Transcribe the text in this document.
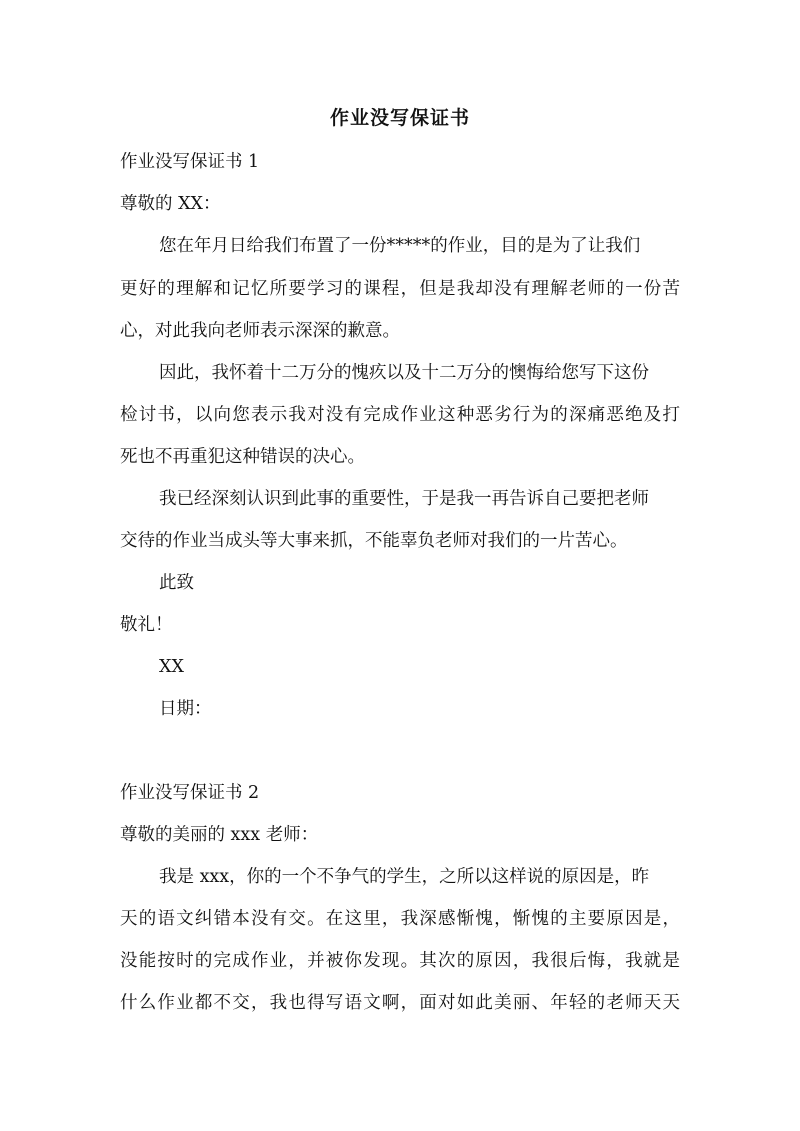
作业没写保证书
作业没写保证书 1
尊敬的 XX：
您在年月日给我们布置了一份*****的作业，目的是为了让我们
更好的理解和记忆所要学习的课程，但是我却没有理解老师的一份苦
心，对此我向老师表示深深的歉意。
因此，我怀着十二万分的愧疚以及十二万分的懊悔给您写下这份
检讨书，以向您表示我对没有完成作业这种恶劣行为的深痛恶绝及打
死也不再重犯这种错误的决心。
我已经深刻认识到此事的重要性，于是我一再告诉自己要把老师
交待的作业当成头等大事来抓，不能辜负老师对我们的一片苦心。
此致
敬礼！
XX
日期：
作业没写保证书 2
尊敬的美丽的 xxx 老师：
我是 xxx，你的一个不争气的学生，之所以这样说的原因是，昨
天的语文纠错本没有交。在这里，我深感惭愧，惭愧的主要原因是，
没能按时的完成作业，并被你发现。其次的原因，我很后悔，我就是
什么作业都不交，我也得写语文啊，面对如此美丽、年轻的老师天天
